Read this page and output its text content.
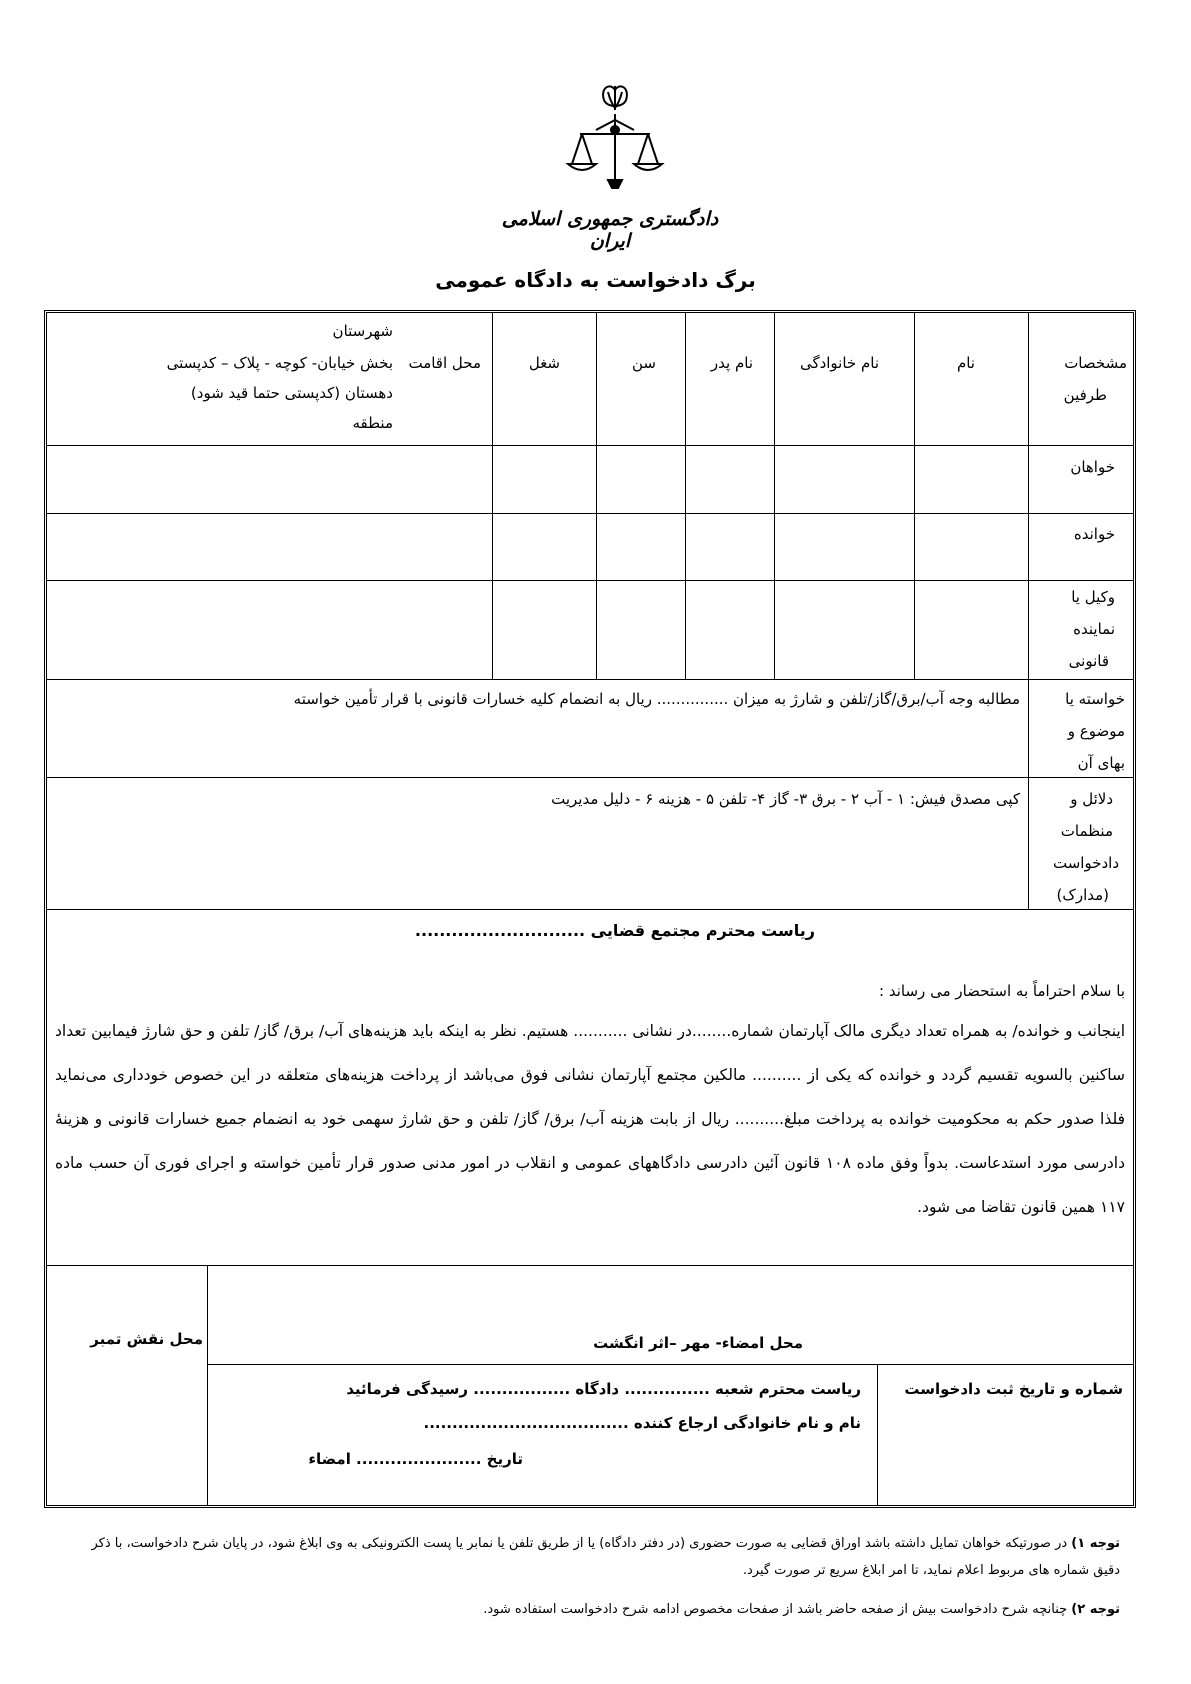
دادگستری جمهوری اسلامی ایران
برگ دادخواست به دادگاه عمومی
مشخصات
طرفین
نام
نام خانوادگی
نام پدر
سن
شغل
محل اقامت
شهرستان
بخش خیابان- کوچه - پلاک – کدپستی
دهستان (کدپستی حتما قید شود)
منطقه
خواهان
خوانده
وکیل یا
نماینده
قانونی
خواسته یا
موضوع و
بهای آن
مطالبه وجه آب/برق/گاز/تلفن و شارژ به میزان ............... ریال به انضمام کلیه خسارات قانونی با قرار تأمین خواسته
دلائل و
منظمات
دادخواست
(مدارک)
کپی مصدق فیش: ۱ - آب ۲ - برق ۳- گاز ۴- تلفن ۵ - هزینه ۶ - دلیل مدیریت
ریاست محترم مجتمع قضایی ............................
با سلام احتراماً به استحضار می رساند :
اینجانب و خوانده/ به همراه تعداد دیگری مالک آپارتمان شماره........در نشانی ........... هستیم. نظر به اینکه باید هزینه‌های آب/ برق/ گاز/ تلفن و حق شارژ فیمابین تعداد ساکنین بالسویه تقسیم گردد و خوانده که یکی از .......... مالکین مجتمع آپارتمان نشانی فوق می‌باشد از پرداخت هزینه‌های متعلقه در این خصوص خودداری می‌نماید فلذا صدور حکم به محکومیت خوانده به پرداخت مبلغ.......... ریال از بابت هزینه آب/ برق/ گاز/ تلفن و حق شارژ سهمی خود به انضمام جمیع خسارات قانونی و هزینهٔ دادرسی مورد استدعاست. بدواً وفق ماده ۱۰۸ قانون آئین دادرسی دادگاههای عمومی و انقلاب در امور مدنی صدور قرار تأمین خواسته و اجرای فوری آن حسب ماده ۱۱۷ همین قانون تقاضا می شود.
محل نقش تمبر	محل امضاء- مهر –اثر انگشت
شماره و تاریخ ثبت دادخواست
ریاست محترم شعبه ............... دادگاه ................. رسیدگی فرمائید
نام و نام خانوادگی ارجاع کننده ....................................
تاریخ ...................... امضاء
توجه ۱) در صورتیکه خواهان تمایل داشته باشد اوراق قضایی به صورت حضوری (در دفتر دادگاه) یا از طریق تلفن یا نمابر یا پست الکترونیکی به وی ابلاغ شود، در پایان شرح دادخواست، با ذکر دقیق شماره های مربوط اعلام نماید، تا امر ابلاغ سریع تر صورت گیرد.
توجه ۲) چنانچه شرح دادخواست بیش از صفحه حاضر باشد از صفحات مخصوص ادامه شرح دادخواست استفاده شود.
